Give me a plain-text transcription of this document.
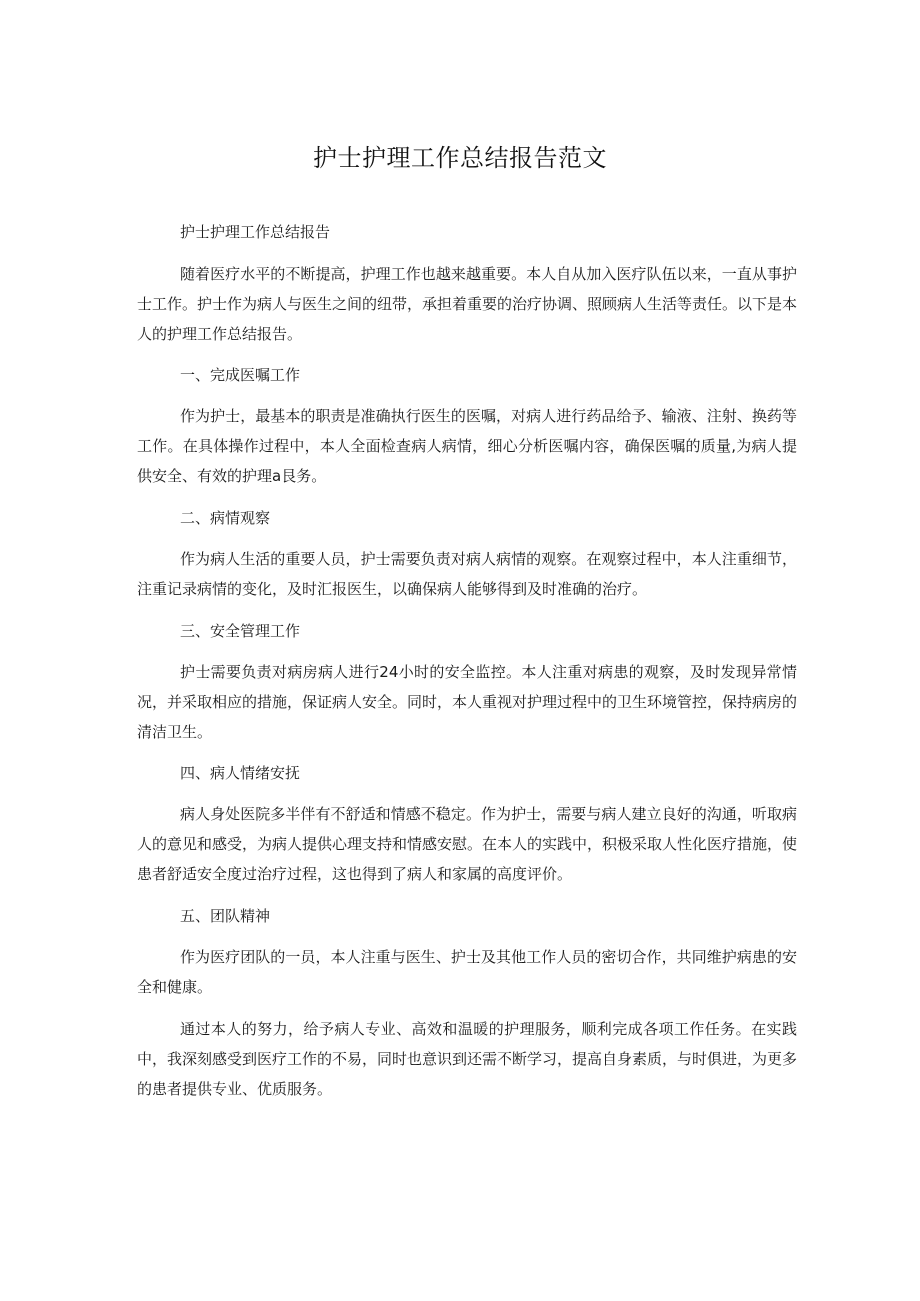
护士护理工作总结报告范文
护士护理工作总结报告

随着医疗水平的不断提高，护理工作也越来越重要。本人自从加入医疗队伍以来，一直从事护士工作。护士作为病人与医生之间的纽带，承担着重要的治疗协调、照顾病人生活等责任。以下是本人的护理工作总结报告。

一、完成医嘱工作

作为护士，最基本的职责是准确执行医生的医嘱，对病人进行药品给予、输液、注射、换药等工作。在具体操作过程中，本人全面检查病人病情，细心分析医嘱内容，确保医嘱的质量,为病人提供安全、有效的护理a艮务。

二、病情观察

作为病人生活的重要人员，护士需要负责对病人病情的观察。在观察过程中，本人注重细节，注重记录病情的变化，及时汇报医生，以确保病人能够得到及时准确的治疗。

三、安全管理工作

护士需要负责对病房病人进行24小时的安全监控。本人注重对病患的观察，及时发现异常情况，并采取相应的措施，保证病人安全。同时，本人重视对护理过程中的卫生环境管控，保持病房的清洁卫生。

四、病人情绪安抚

病人身处医院多半伴有不舒适和情感不稳定。作为护士，需要与病人建立良好的沟通，听取病人的意见和感受，为病人提供心理支持和情感安慰。在本人的实践中，积极采取人性化医疗措施，使患者舒适安全度过治疗过程，这也得到了病人和家属的高度评价。

五、团队精神

作为医疗团队的一员，本人注重与医生、护士及其他工作人员的密切合作，共同维护病患的安全和健康。

通过本人的努力，给予病人专业、高效和温暖的护理服务，顺利完成各项工作任务。在实践中，我深刻感受到医疗工作的不易，同时也意识到还需不断学习，提高自身素质，与时俱进，为更多的患者提供专业、优质服务。
